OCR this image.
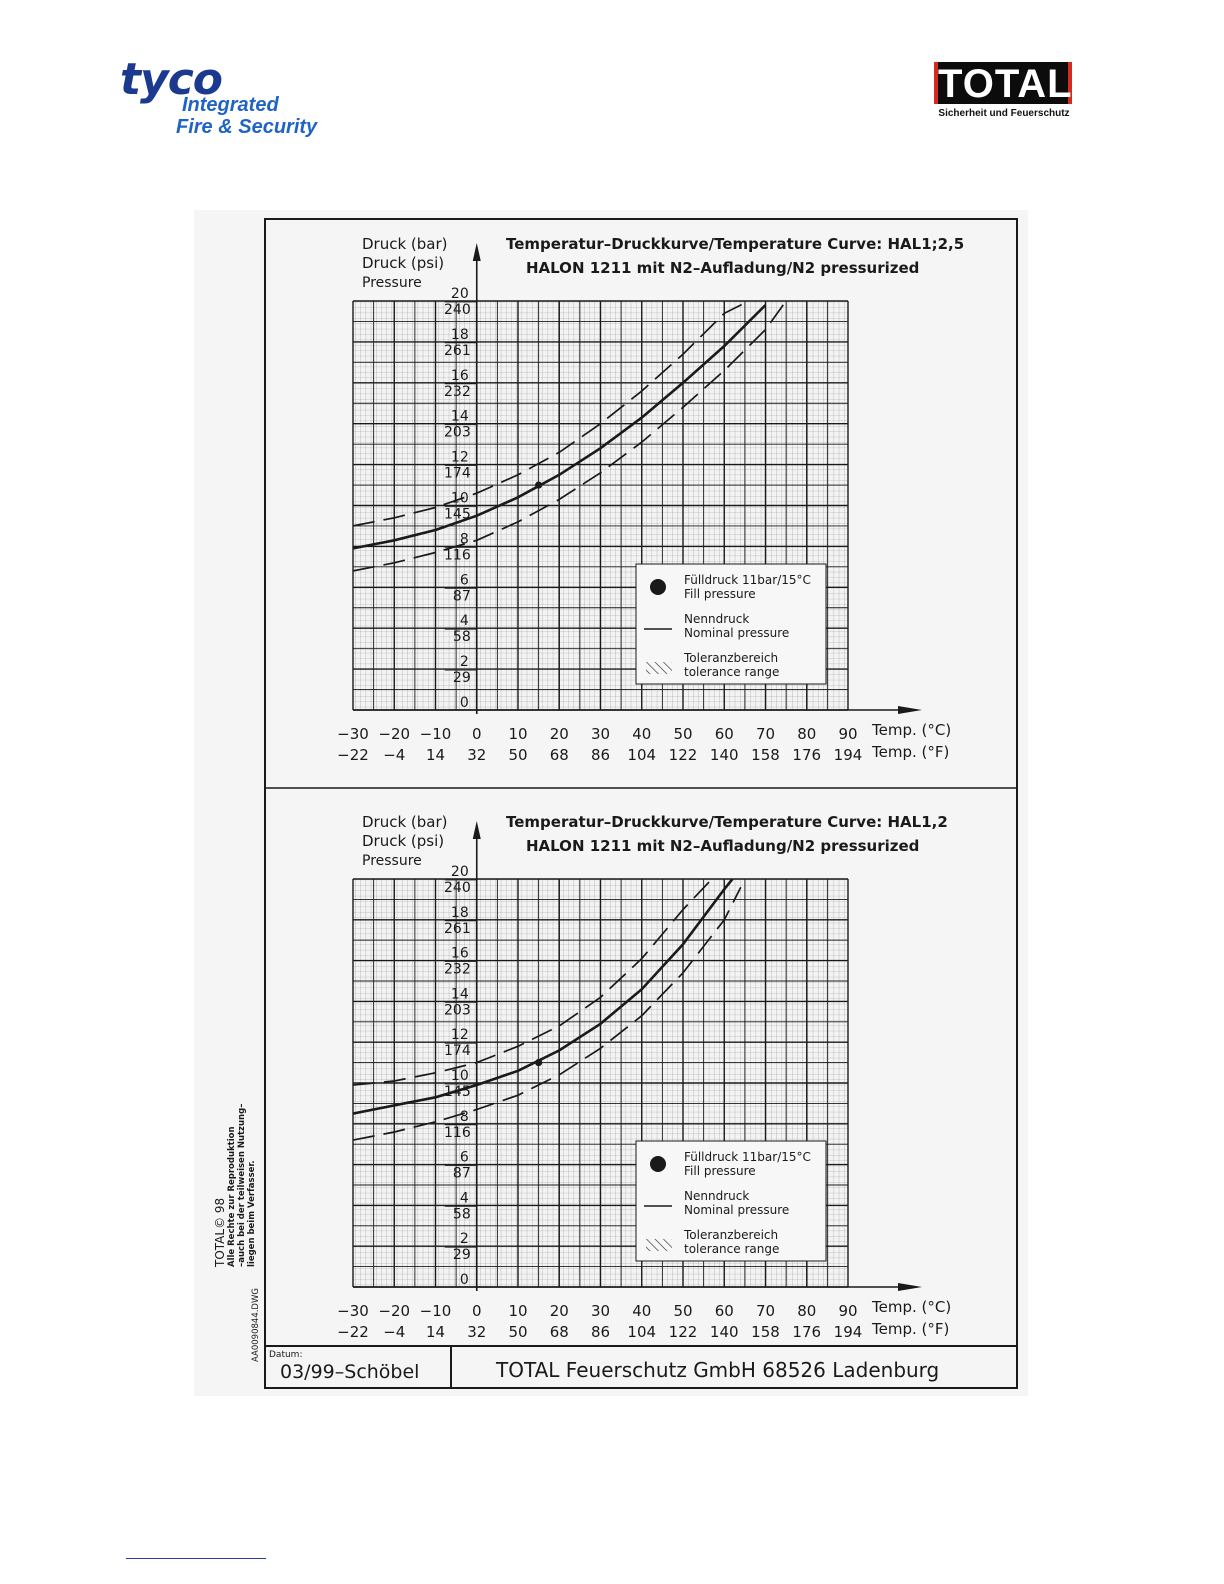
tyco
Integrated
Fire & Security
TOTAL
Sicherheit und Feuerschutz
Datum:
03/99–Schöbel	TOTAL Feuerschutz GmbH 68526 Ladenburg
TOTAL© 98 Alle Rechte zur Reproduktion –auch bei der teilweisen Nutzung– liegen beim Verfasser.
AA0090844.DWG
0
2
29
4
58
6
87
8
116
10
145
12
174
14
203
16
232
18
261
20
240
−30
−22
−20
−4
−10
14
0
32
10
50
20
68
30
86
40
104
50
122
60
140
70
158
80
176
90
194
Temp. (°C)
Temp. (°F)
Druck (bar)
Druck (psi)
Pressure
Temperatur–Druckkurve/Temperature Curve: HAL1;2,5
HALON 1211 mit N2–Aufladung/N2 pressurized
Fülldruck 11bar/15°C
Fill pressure
Nenndruck
Nominal pressure
Toleranzbereich
tolerance range
0
2
29
4
58
6
87
8
116
10
145
12
174
14
203
16
232
18
261
20
240
−30
−22
−20
−4
−10
14
0
32
10
50
20
68
30
86
40
104
50
122
60
140
70
158
80
176
90
194
Temp. (°C)
Temp. (°F)
Druck (bar)
Druck (psi)
Pressure
Temperatur–Druckkurve/Temperature Curve: HAL1,2
HALON 1211 mit N2–Aufladung/N2 pressurized
Fülldruck 11bar/15°C
Fill pressure
Nenndruck
Nominal pressure
Toleranzbereich
tolerance range
